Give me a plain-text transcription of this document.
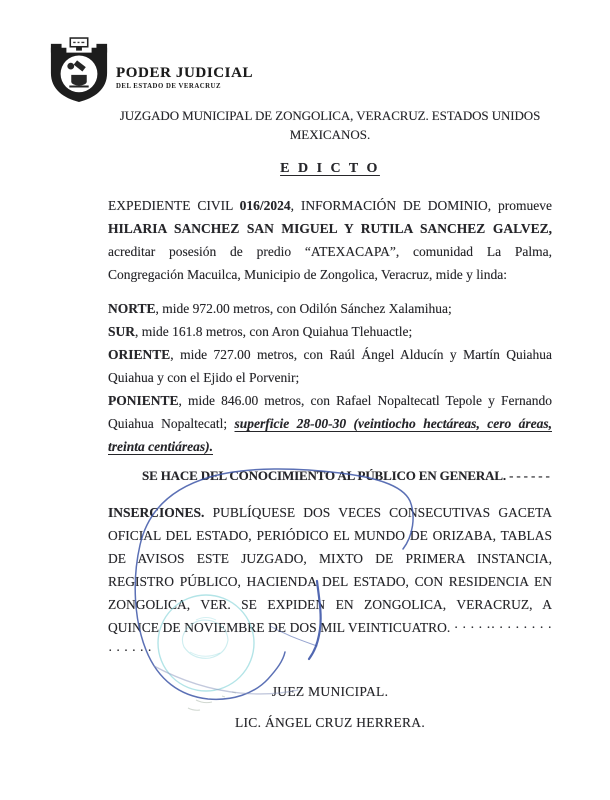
PODER JUDICIAL
DEL ESTADO DE VERACRUZ

JUZGADO MUNICIPAL DE ZONGOLICA, VERACRUZ. ESTADOS UNIDOS

MEXICANOS.

E D I C T O

EXPEDIENTE CIVIL 016/2024, INFORMACIÓN DE DOMINIO, promueve HILARIA SANCHEZ SAN MIGUEL Y RUTILA SANCHEZ GALVEZ, acreditar posesión de predio “ATEXACAPA”, comunidad La Palma, Congregación Macuilca, Municipio de Zongolica, Veracruz, mide y linda:

NORTE, mide 972.00 metros, con Odilón Sánchez Xalamihua;

SUR, mide 161.8 metros, con Aron Quiahua Tlehuactle;

ORIENTE, mide 727.00 metros, con Raúl Ángel Alducín y Martín Quiahua Quiahua y con el Ejido el Porvenir;

PONIENTE, mide 846.00 metros, con Rafael Nopaltecatl Tepole y Fernando Quiahua Nopaltecatl; superficie 28-00-30 (veintiocho hectáreas, cero áreas, treinta centiáreas).

SE HACE DEL CONOCIMIENTO AL PÚBLICO EN GENERAL. - - - - - -

INSERCIONES. PUBLÍQUESE DOS VECES CONSECUTIVAS GACETA OFICIAL DEL ESTADO, PERIÓDICO EL MUNDO DE ORIZABA, TABLAS DE AVISOS ESTE JUZGADO, MIXTO DE PRIMERA INSTANCIA, REGISTRO PÚBLICO, HACIENDA DEL ESTADO, CON RESIDENCIA EN ZONGOLICA, VER. SE EXPIDEN EN ZONGOLICA, VERACRUZ, A QUINCE DE NOVIEMBRE DE DOS MIL VEINTICUATRO. · · · · ·· · · · · · · · · · · · · ·

JUEZ MUNICIPAL.

LIC. ÁNGEL CRUZ HERRERA.
